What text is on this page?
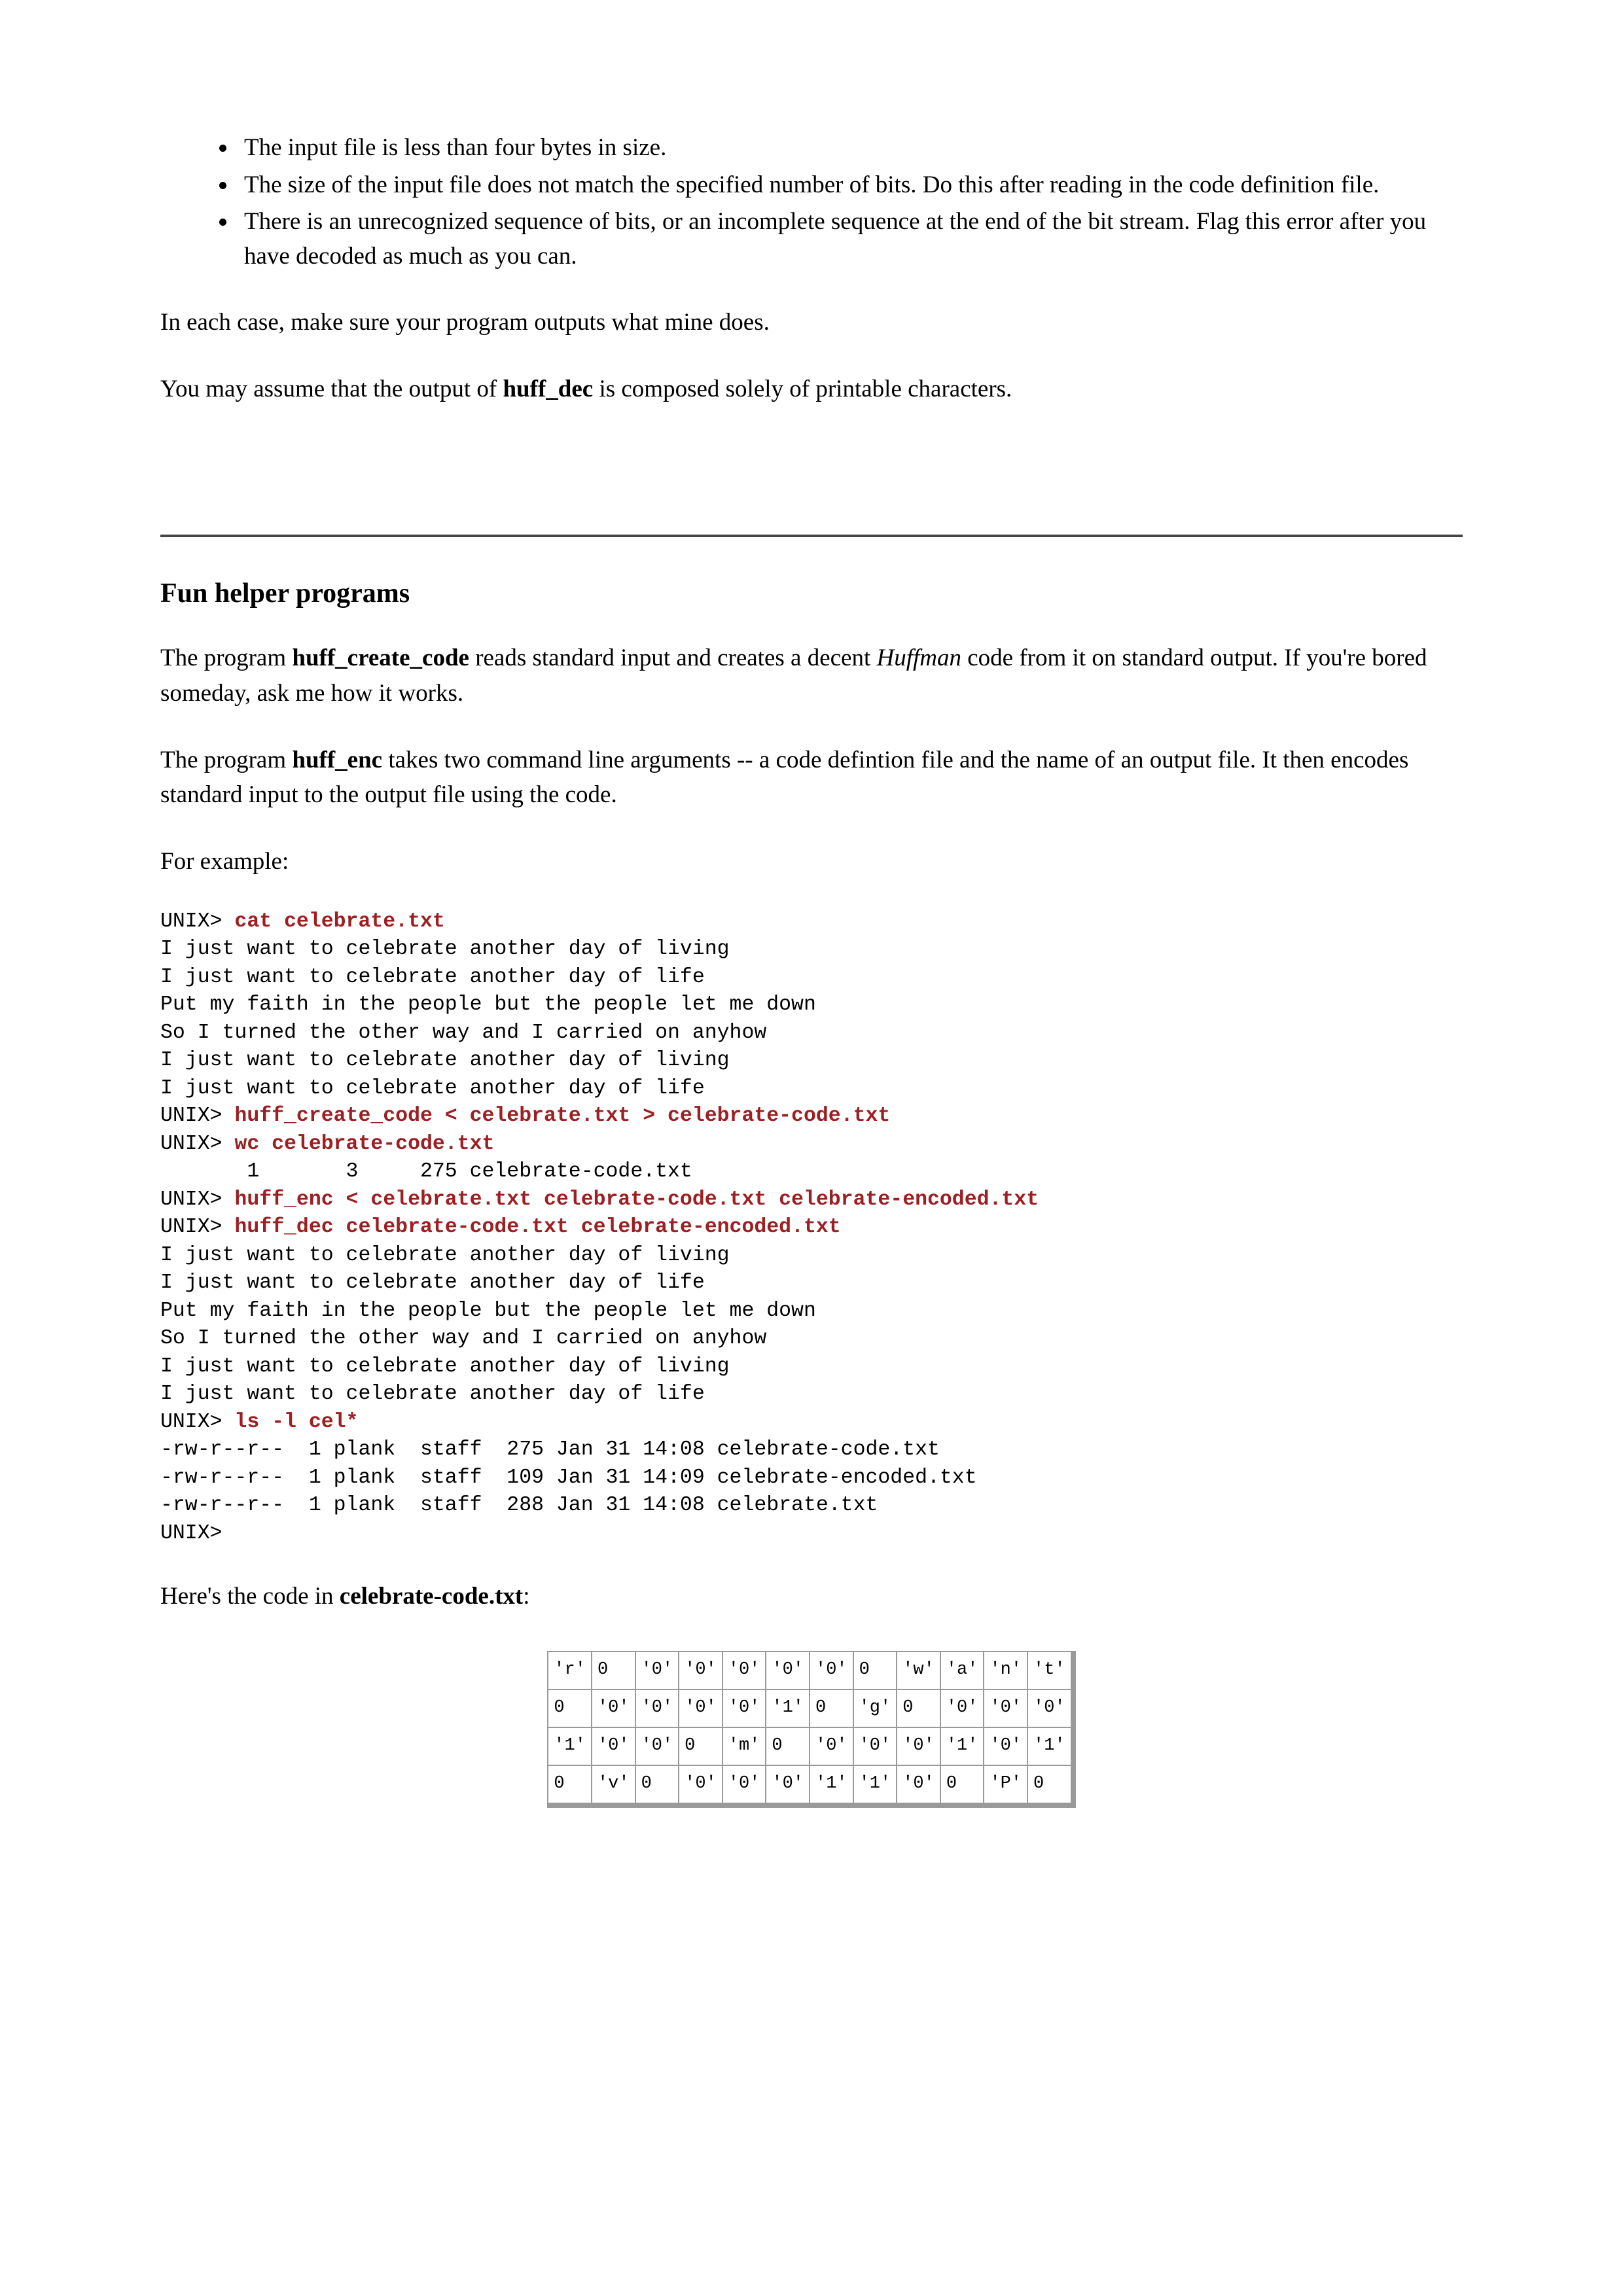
The input file is less than four bytes in size.
The size of the input file does not match the specified number of bits. Do this after reading in the code definition file.
There is an unrecognized sequence of bits, or an incomplete sequence at the end of the bit stream. Flag this error after you have decoded as much as you can.

In each case, make sure your program outputs what mine does.

You may assume that the output of huff_dec is composed solely of printable characters.

Fun helper programs

The program huff_create_code reads standard input and creates a decent Huffman code from it on standard output. If you're bored someday, ask me how it works.

The program huff_enc takes two command line arguments -- a code defintion file and the name of an output file. It then encodes standard input to the output file using the code.

For example:

UNIX> cat celebrate.txt
I just want to celebrate another day of living
I just want to celebrate another day of life
Put my faith in the people but the people let me down
So I turned the other way and I carried on anyhow
I just want to celebrate another day of living
I just want to celebrate another day of life
UNIX> huff_create_code < celebrate.txt > celebrate-code.txt
UNIX> wc celebrate-code.txt
1       3     275 celebrate-code.txt
UNIX> huff_enc < celebrate.txt celebrate-code.txt celebrate-encoded.txt
UNIX> huff_dec celebrate-code.txt celebrate-encoded.txt
I just want to celebrate another day of living
I just want to celebrate another day of life
Put my faith in the people but the people let me down
So I turned the other way and I carried on anyhow
I just want to celebrate another day of living
I just want to celebrate another day of life
UNIX> ls -l cel*
-rw-r--r--  1 plank  staff  275 Jan 31 14:08 celebrate-code.txt
-rw-r--r--  1 plank  staff  109 Jan 31 14:09 celebrate-encoded.txt
-rw-r--r--  1 plank  staff  288 Jan 31 14:08 celebrate.txt
UNIX>

Here's the code in celebrate-code.txt:

'r'	0	'0'	'0'	'0'	'0'	'0'	0	'w'	'a'	'n'	't'
0	'0'	'0'	'0'	'0'	'1'	0	'g'	0	'0'	'0'	'0'
'1'	'0'	'0'	0	'm'	0	'0'	'0'	'0'	'1'	'0'	'1'
0	'v'	0	'0'	'0'	'0'	'1'	'1'	'0'	0	'P'	0
